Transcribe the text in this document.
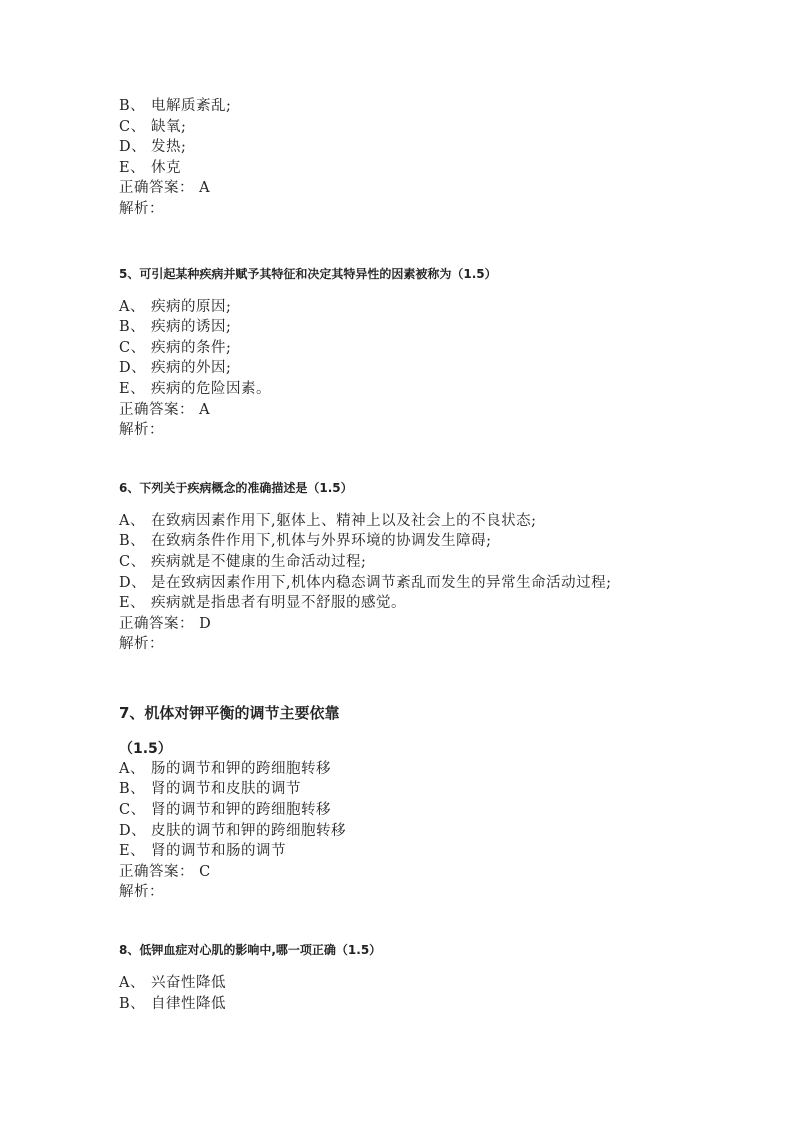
B、 电解质紊乱;
C、 缺氧;
D、 发热;
E、 休克
正确答案： A
解析：
5、可引起某种疾病并赋予其特征和决定其特异性的因素被称为（1.5）
A、 疾病的原因;
B、 疾病的诱因;
C、 疾病的条件;
D、 疾病的外因;
E、 疾病的危险因素。
正确答案： A
解析：
6、下列关于疾病概念的准确描述是（1.5）
A、 在致病因素作用下,躯体上、精神上以及社会上的不良状态;
B、 在致病条件作用下,机体与外界环境的协调发生障碍;
C、 疾病就是不健康的生命活动过程;
D、 是在致病因素作用下,机体内稳态调节紊乱而发生的异常生命活动过程;
E、 疾病就是指患者有明显不舒服的感觉。
正确答案： D
解析：
7、机体对钾平衡的调节主要依靠
（1.5）
A、 肠的调节和钾的跨细胞转移
B、 肾的调节和皮肤的调节
C、 肾的调节和钾的跨细胞转移
D、 皮肤的调节和钾的跨细胞转移
E、 肾的调节和肠的调节
正确答案： C
解析：
8、低钾血症对心肌的影响中,哪一项正确（1.5）
A、 兴奋性降低
B、 自律性降低
